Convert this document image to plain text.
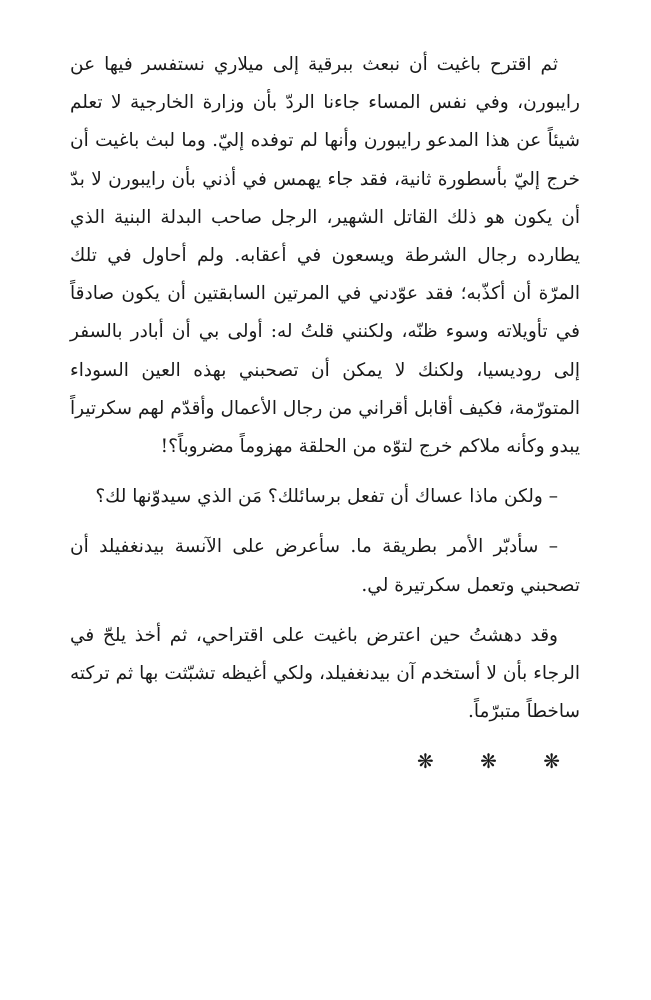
ثم اقترح باغيت أن نبعث ببرقية إلى ميلاري نستفسر فيها عن رايبورن، وفي نفس المساء جاءنا الردّ بأن وزارة الخارجية لا تعلم شيئاً عن هذا المدعو رايبورن وأنها لم توفده إليّ. وما لبث باغيت أن خرج إليّ بأسطورة ثانية، فقد جاء يهمس في أذني بأن رايبورن لا بدّ أن يكون هو ذلك القاتل الشهير، الرجل صاحب البدلة البنية الذي يطارده رجال الشرطة ويسعون في أعقابه. ولم أحاول في تلك المرّة أن أكذّبه؛ فقد عوّدني في المرتين السابقتين أن يكون صادقاً في تأويلاته وسوء ظنّه، ولكنني قلتُ له: أولى بي أن أبادر بالسفر إلى روديسيا، ولكنك لا يمكن أن تصحبني بهذه العين السوداء المتورّمة، فكيف أقابل أقراني من رجال الأعمال وأقدّم لهم سكرتيراً يبدو وكأنه ملاكم خرج لتوّه من الحلقة مهزوماً مضروباً؟!

– ولكن ماذا عساك أن تفعل برسائلك؟ مَن الذي سيدوّنها لك؟

– سأدبّر الأمر بطريقة ما. سأعرض على الآنسة بيدنغفيلد أن تصحبني وتعمل سكرتيرة لي.

وقد دهشتُ حين اعترض باغيت على اقتراحي، ثم أخذ يلحّ في الرجاء بأن لا أستخدم آن بيدنغفيلد، ولكي أغيظه تشبّثت بها ثم تركته ساخطاً متبرّماً.

❋ ❋ ❋
